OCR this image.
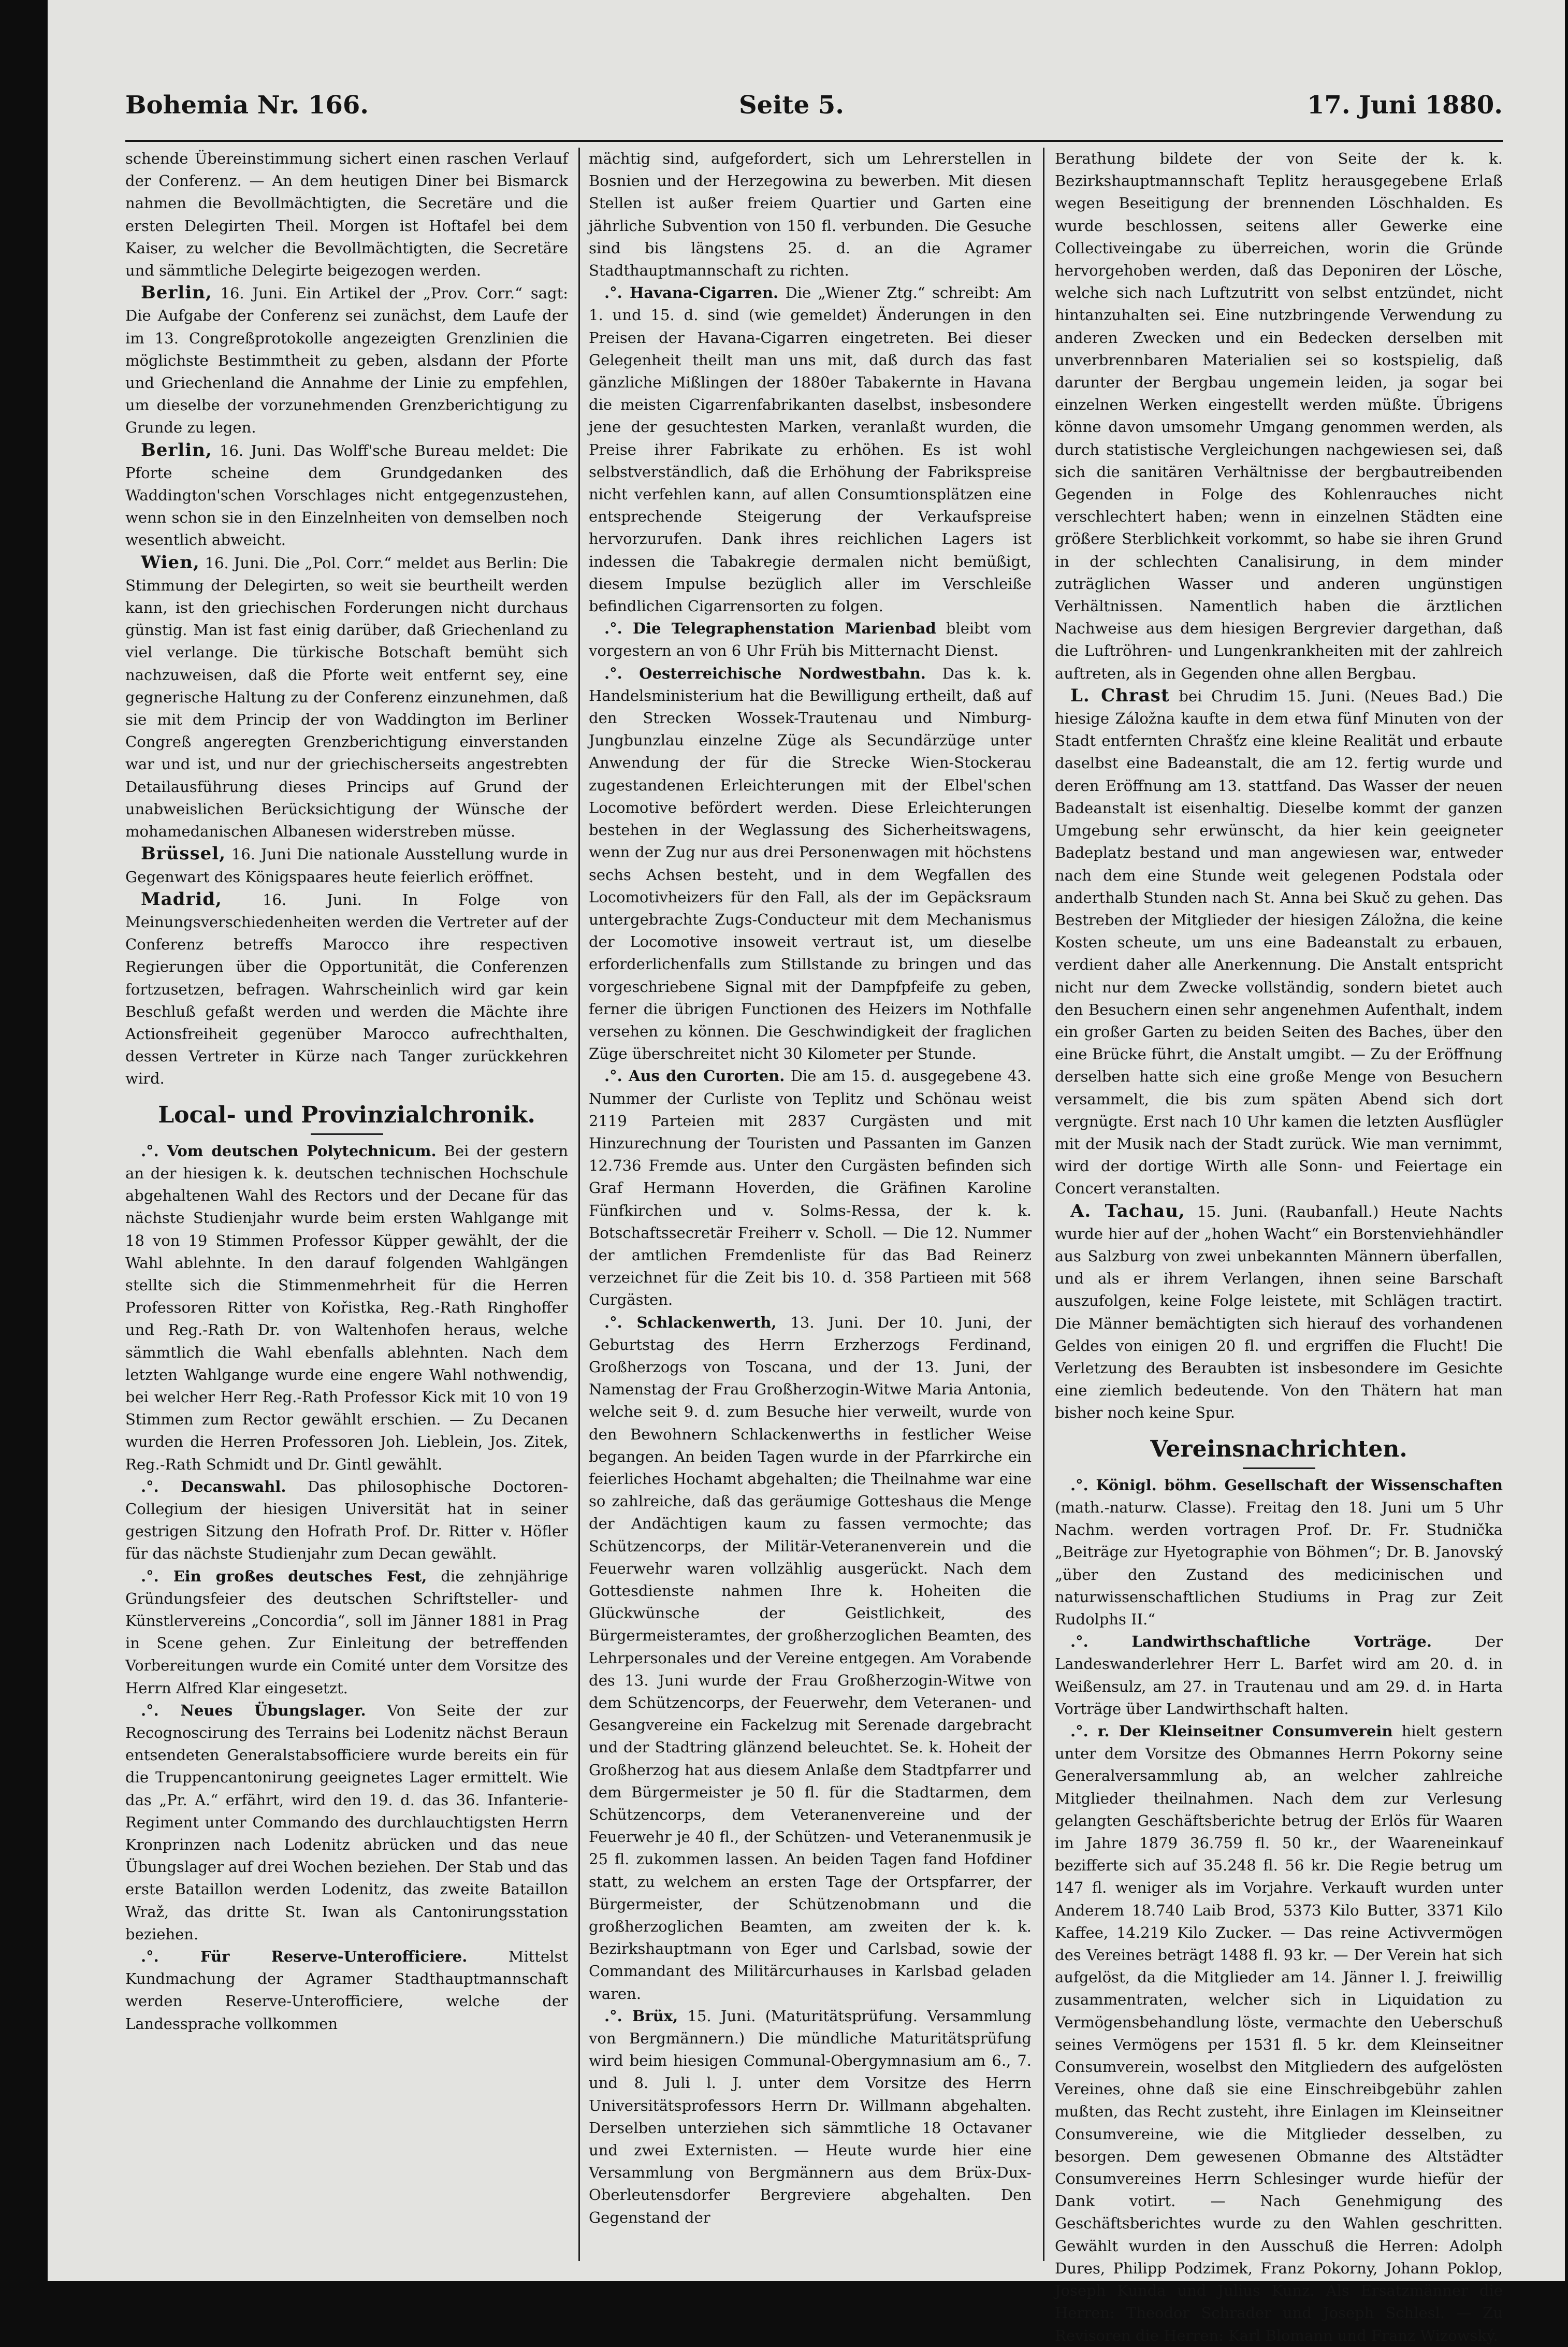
Bohemia Nr. 166.	Seite 5.	17. Juni 1880.

schende Übereinstimmung sichert einen raschen Verlauf der Conferenz. — An dem heutigen Diner bei Bismarck nahmen die Bevollmächtigten, die Secretäre und die ersten Delegirten Theil. Morgen ist Hoftafel bei dem Kaiser, zu welcher die Bevollmächtigten, die Secretäre und sämmtliche Delegirte beigezogen werden.

Berlin, 16. Juni. Ein Artikel der „Prov. Corr.“ sagt: Die Aufgabe der Conferenz sei zunächst, dem Laufe der im 13. Congreßprotokolle angezeigten Grenzlinien die möglichste Bestimmtheit zu geben, alsdann der Pforte und Griechenland die Annahme der Linie zu empfehlen, um dieselbe der vorzunehmenden Grenzberichtigung zu Grunde zu legen.

Berlin, 16. Juni. Das Wolff'sche Bureau meldet: Die Pforte scheine dem Grundgedanken des Waddington'schen Vorschlages nicht entgegenzustehen, wenn schon sie in den Einzelnheiten von demselben noch wesentlich abweicht.

Wien, 16. Juni. Die „Pol. Corr.“ meldet aus Berlin: Die Stimmung der Delegirten, so weit sie beurtheilt werden kann, ist den griechischen Forderungen nicht durchaus günstig. Man ist fast einig darüber, daß Griechenland zu viel verlange. Die türkische Botschaft bemüht sich nachzuweisen, daß die Pforte weit entfernt sey, eine gegnerische Haltung zu der Conferenz einzunehmen, daß sie mit dem Princip der von Waddington im Berliner Congreß angeregten Grenzberichtigung einverstanden war und ist, und nur der griechischerseits angestrebten Detailausführung dieses Princips auf Grund der unabweislichen Berücksichtigung der Wünsche der mohamedanischen Albanesen widerstreben müsse.

Brüssel, 16. Juni Die nationale Ausstellung wurde in Gegenwart des Königspaares heute feierlich eröffnet.

Madrid,	16. Juni. In Folge von Meinungsverschiedenheiten werden die Vertreter auf der Conferenz betreffs Marocco ihre respectiven Regierungen über die Opportunität, die Conferenzen fortzusetzen, befragen. Wahrscheinlich wird gar kein Beschluß gefaßt werden und werden die Mächte ihre Actionsfreiheit gegenüber Marocco aufrechthalten, dessen Vertreter in Kürze nach Tanger zurückkehren wird.

Local- und Provinzialchronik.

.°. Vom deutschen Polytechnicum. Bei der gestern an der hiesigen k. k. deutschen technischen Hochschule abgehaltenen Wahl des Rectors und der Decane für das nächste Studienjahr wurde beim ersten Wahlgange mit 18 von 19 Stimmen Professor Küpper gewählt, der die Wahl ablehnte. In den darauf folgenden Wahlgängen stellte sich die Stimmenmehrheit für die Herren Professoren Ritter von Kořistka, Reg.-Rath Ringhoffer und Reg.-Rath Dr. von Waltenhofen heraus, welche sämmtlich die Wahl ebenfalls ablehnten. Nach dem letzten Wahlgange wurde eine engere Wahl nothwendig, bei welcher Herr Reg.-Rath Professor Kick mit 10 von 19 Stimmen zum Rector gewählt erschien. — Zu Decanen wurden die Herren Professoren Joh. Lieblein, Jos. Zitek, Reg.-Rath Schmidt und Dr. Gintl gewählt.

.°. Decanswahl. Das philosophische Doctoren-Collegium der hiesigen Universität hat in seiner gestrigen Sitzung den Hofrath Prof. Dr. Ritter v. Höfler für das nächste Studienjahr zum Decan gewählt.

.°. Ein großes deutsches Fest, die zehnjährige Gründungsfeier des deutschen Schriftsteller- und Künstlervereins „Concordia“, soll im Jänner 1881 in Prag in Scene gehen. Zur Einleitung der betreffenden Vorbereitungen wurde ein Comité unter dem Vorsitze des Herrn Alfred Klar eingesetzt.

.°. Neues Übungslager. Von Seite der zur Recognoscirung des Terrains bei Lodenitz nächst Beraun entsendeten Generalstabsofficiere wurde bereits ein für die Truppencantonirung geeignetes Lager ermittelt. Wie das „Pr. A.“ erfährt, wird den 19. d. das 36. Infanterie-Regiment unter Commando des durchlauchtigsten Herrn Kronprinzen nach Lodenitz abrücken und das neue Übungslager auf drei Wochen beziehen. Der Stab und das erste Bataillon werden Lodenitz, das zweite Bataillon Wraž, das dritte St. Iwan als Cantonirungsstation beziehen.

.°. Für Reserve-Unterofficiere.	Mittelst Kundmachung der Agramer Stadthauptmannschaft werden Reserve-Unterofficiere, welche der Landessprache vollkommen

mächtig sind, aufgefordert, sich um Lehrerstellen in Bosnien und der Herzegowina zu bewerben. Mit diesen Stellen ist außer freiem Quartier und Garten eine jährliche Subvention von 150 fl. verbunden. Die Gesuche sind bis längstens 25. d. an die Agramer Stadthauptmannschaft zu richten.

.°. Havana-Cigarren. Die „Wiener Ztg.“ schreibt: Am 1. und 15. d. sind (wie gemeldet) Änderungen in den Preisen der Havana-Cigarren eingetreten. Bei dieser Gelegenheit theilt man uns mit, daß durch das fast gänzliche Mißlingen der 1880er Tabakernte in Havana die meisten Cigarrenfabrikanten daselbst, insbesondere jene der gesuchtesten Marken, veranlaßt wurden, die Preise ihrer Fabrikate zu erhöhen. Es ist wohl selbstverständlich, daß die Erhöhung der Fabrikspreise nicht verfehlen kann, auf allen Consumtionsplätzen eine entsprechende Steigerung der Verkaufspreise hervorzurufen. Dank ihres reichlichen Lagers ist indessen die Tabakregie dermalen nicht bemüßigt, diesem Impulse bezüglich aller im Verschleiße befindlichen Cigarrensorten zu folgen.

.°. Die Telegraphenstation Marienbad bleibt vom vorgestern an von 6 Uhr Früh bis Mitternacht Dienst.

.°. Oesterreichische Nordwestbahn. Das k. k. Handelsministerium hat die Bewilligung ertheilt, daß auf den Strecken Wossek-Trautenau und Nimburg-Jungbunzlau einzelne Züge als Secundärzüge unter Anwendung der für die Strecke Wien-Stockerau zugestandenen Erleichterungen mit der Elbel'schen Locomotive befördert werden. Diese Erleichterungen bestehen in der Weglassung des Sicherheitswagens, wenn der Zug nur aus drei Personenwagen mit höchstens sechs Achsen besteht, und in dem Wegfallen des Locomotivheizers für den Fall, als der im Gepäcksraum untergebrachte Zugs-Conducteur mit dem Mechanismus der Locomotive insoweit vertraut ist, um dieselbe erforderlichenfalls zum Stillstande zu bringen und das vorgeschriebene Signal mit der Dampfpfeife zu geben, ferner die übrigen Functionen des Heizers im Nothfalle versehen zu können. Die Geschwindigkeit der fraglichen Züge überschreitet nicht 30 Kilometer per Stunde.

.°. Aus den Curorten. Die am 15. d. ausgegebene 43. Nummer der Curliste von Teplitz und Schönau weist 2119 Parteien mit 2837 Curgästen und mit Hinzurechnung der Touristen und Passanten im Ganzen 12.736 Fremde aus. Unter den Curgästen befinden sich Graf Hermann Hoverden, die Gräfinen Karoline Fünfkirchen und v. Solms-Ressa, der k. k. Botschaftssecretär Freiherr v. Scholl. — Die 12. Nummer der amtlichen Fremdenliste für das Bad Reinerz verzeichnet für die Zeit bis 10. d. 358 Partieen mit 568 Curgästen.

.°. Schlackenwerth, 13. Juni. Der 10. Juni, der Geburtstag des Herrn Erzherzogs Ferdinand, Großherzogs von Toscana, und der 13. Juni, der Namenstag der Frau Großherzogin-Witwe Maria Antonia, welche seit 9. d. zum Besuche hier verweilt, wurde von den Bewohnern Schlackenwerths in festlicher Weise begangen. An beiden Tagen wurde in der Pfarrkirche ein feierliches Hochamt abgehalten; die Theilnahme war eine so zahlreiche, daß das geräumige Gotteshaus die Menge der Andächtigen kaum zu fassen vermochte; das Schützencorps, der Militär-Veteranenverein und die Feuerwehr waren vollzählig ausgerückt. Nach dem Gottesdienste nahmen Ihre k. Hoheiten die Glückwünsche der Geistlichkeit, des Bürgermeisteramtes, der großherzoglichen Beamten, des Lehrpersonales und der Vereine entgegen. Am Vorabende des 13. Juni wurde der Frau Großherzogin-Witwe von dem Schützencorps, der Feuerwehr, dem Veteranen- und Gesangvereine ein Fackelzug mit Serenade dargebracht und der Stadtring glänzend beleuchtet. Se. k. Hoheit der Großherzog hat aus diesem Anlaße dem Stadtpfarrer und dem Bürgermeister je 50 fl. für die Stadtarmen, dem Schützencorps, dem Veteranenvereine und der Feuerwehr je 40 fl., der Schützen- und Veteranenmusik je 25 fl. zukommen lassen. An beiden Tagen fand Hofdiner statt, zu welchem an ersten Tage der Ortspfarrer, der Bürgermeister, der Schützenobmann und die großherzoglichen Beamten, am zweiten der k. k. Bezirkshauptmann von Eger und Carlsbad, sowie der Commandant des Militärcurhauses in Karlsbad geladen waren.

.°. Brüx, 15. Juni. (Maturitätsprüfung. Versammlung von Bergmännern.) Die mündliche Maturitätsprüfung wird beim hiesigen Communal-Obergymnasium am 6., 7. und 8. Juli l. J. unter dem Vorsitze des Herrn Universitätsprofessors Herrn Dr. Willmann abgehalten. Derselben unterziehen sich sämmtliche 18 Octavaner und zwei Externisten. — Heute wurde hier eine Versammlung von Bergmännern aus dem Brüx-Dux-Oberleutensdorfer Bergreviere abgehalten. Den Gegenstand der

Berathung bildete der von Seite der k. k. Bezirkshauptmannschaft Teplitz herausgegebene Erlaß wegen Beseitigung der brennenden Löschhalden. Es wurde beschlossen, seitens aller Gewerke eine Collectiveingabe zu überreichen, worin die Gründe hervorgehoben werden, daß das Deponiren der Lösche, welche sich nach Luftzutritt von selbst entzündet, nicht hintanzuhalten sei. Eine nutzbringende Verwendung zu anderen Zwecken und ein Bedecken derselben mit unverbrennbaren Materialien sei so kostspielig, daß darunter der Bergbau ungemein leiden, ja sogar bei einzelnen Werken eingestellt werden müßte. Übrigens könne davon umsomehr Umgang genommen werden, als durch statistische Vergleichungen nachgewiesen sei, daß sich die sanitären Verhältnisse der bergbautreibenden Gegenden in Folge des Kohlenrauches nicht verschlechtert haben; wenn in einzelnen Städten eine größere Sterblichkeit vorkommt, so habe sie ihren Grund in der schlechten Canalisirung, in dem minder zuträglichen Wasser und anderen ungünstigen Verhältnissen. Namentlich haben die ärztlichen Nachweise aus dem hiesigen Bergrevier dargethan, daß die Luftröhren- und Lungenkrankheiten mit der zahlreich auftreten, als in Gegenden ohne allen Bergbau.

L. Chrast bei Chrudim 15. Juni. (Neues Bad.) Die hiesige Záložna kaufte in dem etwa fünf Minuten von der Stadt entfernten Chrašťz eine kleine Realität und erbaute daselbst eine Badeanstalt, die am 12. fertig wurde und deren Eröffnung am 13. stattfand. Das Wasser der neuen Badeanstalt ist eisenhaltig. Dieselbe kommt der ganzen Umgebung sehr erwünscht, da hier kein geeigneter Badeplatz bestand und man angewiesen war, entweder nach dem eine Stunde weit gelegenen Podstala oder anderthalb Stunden nach St. Anna bei Skuč zu gehen. Das Bestreben der Mitglieder der hiesigen Záložna, die keine Kosten scheute, um uns eine Badeanstalt zu erbauen, verdient daher alle Anerkennung. Die Anstalt entspricht nicht nur dem Zwecke vollständig, sondern bietet auch den Besuchern einen sehr angenehmen Aufenthalt, indem ein großer Garten zu beiden Seiten des Baches, über den eine Brücke führt, die Anstalt umgibt. — Zu der Eröffnung derselben hatte sich eine große Menge von Besuchern versammelt, die bis zum späten Abend sich dort vergnügte. Erst nach 10 Uhr kamen die letzten Ausflügler mit der Musik nach der Stadt zurück. Wie man vernimmt, wird der dortige Wirth alle Sonn- und Feiertage ein Concert veranstalten.

A. Tachau, 15. Juni. (Raubanfall.) Heute Nachts wurde hier auf der „hohen Wacht“ ein Borstenviehhändler aus Salzburg von zwei unbekannten Männern überfallen, und als er ihrem Verlangen, ihnen seine Barschaft auszufolgen, keine Folge leistete, mit Schlägen tractirt. Die Männer bemächtigten sich hierauf des vorhandenen Geldes von einigen 20 fl. und ergriffen die Flucht! Die Verletzung des Beraubten ist insbesondere im Gesichte eine ziemlich bedeutende. Von den Thätern hat man bisher noch keine Spur.

Vereinsnachrichten.

.°. Königl. böhm. Gesellschaft der Wissenschaften (math.-naturw. Classe). Freitag den 18. Juni um 5 Uhr Nachm. werden vortragen Prof. Dr. Fr. Studnička „Beiträge zur Hyetographie von Böhmen“; Dr. B. Janovský „über den Zustand des medicinischen und naturwissenschaftlichen Studiums in Prag zur Zeit Rudolphs II.“

.°. Landwirthschaftliche Vorträge.	Der Landeswanderlehrer Herr L. Barfet wird am 20. d. in Weißensulz, am 27. in Trautenau und am 29. d. in Harta Vorträge über Landwirthschaft halten.

.°. r. Der Kleinseitner Consumverein hielt gestern unter dem Vorsitze des Obmannes Herrn Pokorny seine Generalversammlung ab, an welcher zahlreiche Mitglieder theilnahmen. Nach dem zur Verlesung gelangten Geschäftsberichte betrug der Erlös für Waaren im Jahre 1879 36.759 fl. 50 kr., der Waareneinkauf bezifferte sich auf 35.248 fl. 56 kr. Die Regie betrug um 147 fl. weniger als im Vorjahre. Verkauft wurden unter Anderem 18.740 Laib Brod, 5373 Kilo Butter, 3371 Kilo Kaffee, 14.219 Kilo Zucker. — Das reine Activvermögen des Vereines beträgt 1488 fl. 93 kr. — Der Verein hat sich aufgelöst, da die Mitglieder am 14. Jänner l. J. freiwillig zusammentraten, welcher sich in Liquidation zu Vermögensbehandlung löste, vermachte den Ueberschuß seines Vermögens per 1531 fl. 5 kr. dem Kleinseitner Consumverein, woselbst den Mitgliedern des aufgelösten Vereines, ohne daß sie eine Einschreibgebühr zahlen mußten, das Recht zusteht, ihre Einlagen im Kleinseitner Consumvereine, wie die Mitglieder desselben, zu besorgen. Dem gewesenen Obmanne des Altstädter Consumvereines Herrn Schlesinger wurde hiefür der Dank votirt. — Nach Genehmigung des Geschäftsberichtes wurde zu den Wahlen geschritten. Gewählt wurden in den Ausschuß die Herren: Adolph Dures, Philipp Podzimek, Franz Pokorny, Johann Poklop, Joseph Kunda und Julius Kunz. Als Ersatzmänner die Herren: Theodor Schrader und Joseph Schlesl. — Zu Revisoren die Herren: Karl Blomann und Franz Wizowský.
